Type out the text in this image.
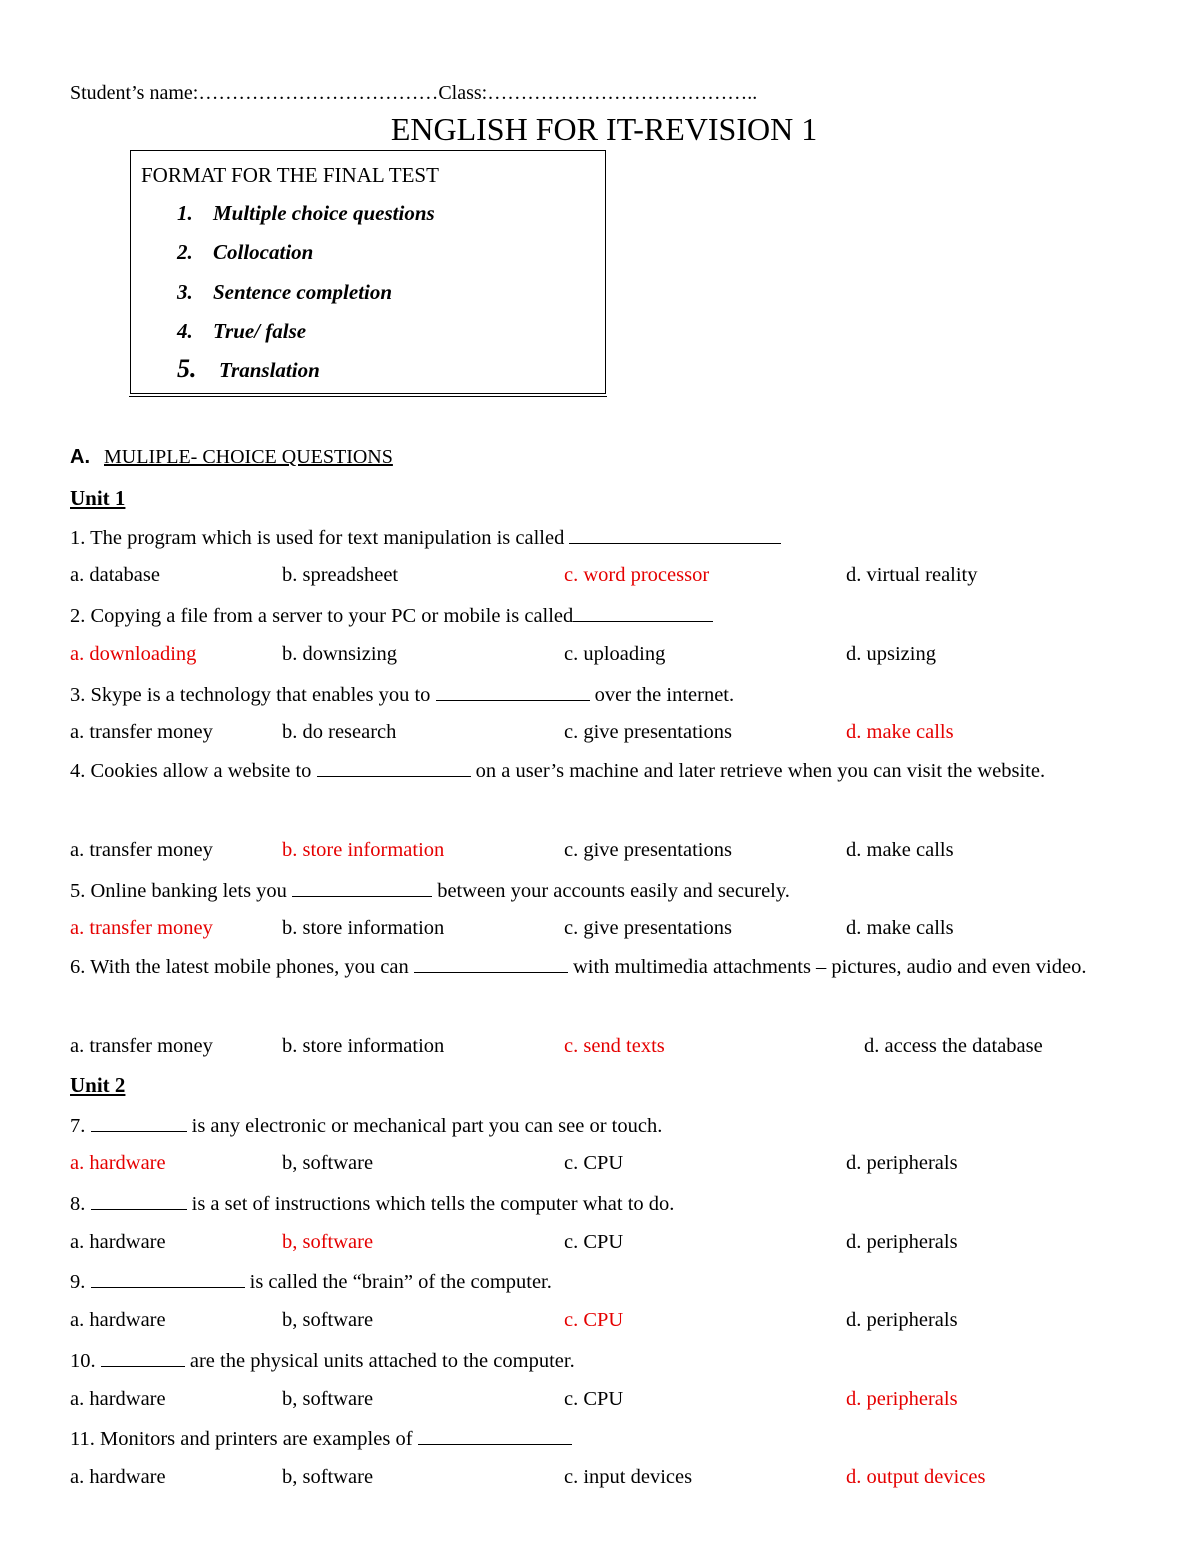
Student’s name:………………………………Class:…………………………………..
ENGLISH FOR IT-REVISION 1
FORMAT FOR THE FINAL TEST
1. Multiple choice questions
2. Collocation
3. Sentence completion
4. True/ false
5. Translation
A. MULIPLE- CHOICE QUESTIONS
Unit 1
1. The program which is used for text manipulation is called
a. database	b. spreadsheet	c. word processor	d. virtual reality
2. Copying a file from a server to your PC or mobile is called
a. downloading	b. downsizing	c. uploading	d. upsizing
3. Skype is a technology that enables you to	over the internet.
a. transfer money	b. do research	c. give presentations	d. make calls
4. Cookies allow a website to	on a user’s machine and later retrieve when you can visit the website.
a. transfer money	b. store information	c. give presentations	d. make calls
5. Online banking lets you	between your accounts easily and securely.
a. transfer money	b. store information	c. give presentations	d. make calls
6. With the latest mobile phones, you can	with multimedia attachments – pictures, audio and even video.
a. transfer money	b. store information	c. send texts	d. access the database
Unit 2
7.	is any electronic or mechanical part you can see or touch.
a. hardware	b, software	c. CPU	d. peripherals
8.	is a set of instructions which tells the computer what to do.
a. hardware	b, software	c. CPU	d. peripherals
9.	is called the “brain” of the computer.
a. hardware	b, software	c. CPU	d. peripherals
10.	are the physical units attached to the computer.
a. hardware	b, software	c. CPU	d. peripherals
11. Monitors and printers are examples of
a. hardware	b, software	c. input devices	d. output devices
